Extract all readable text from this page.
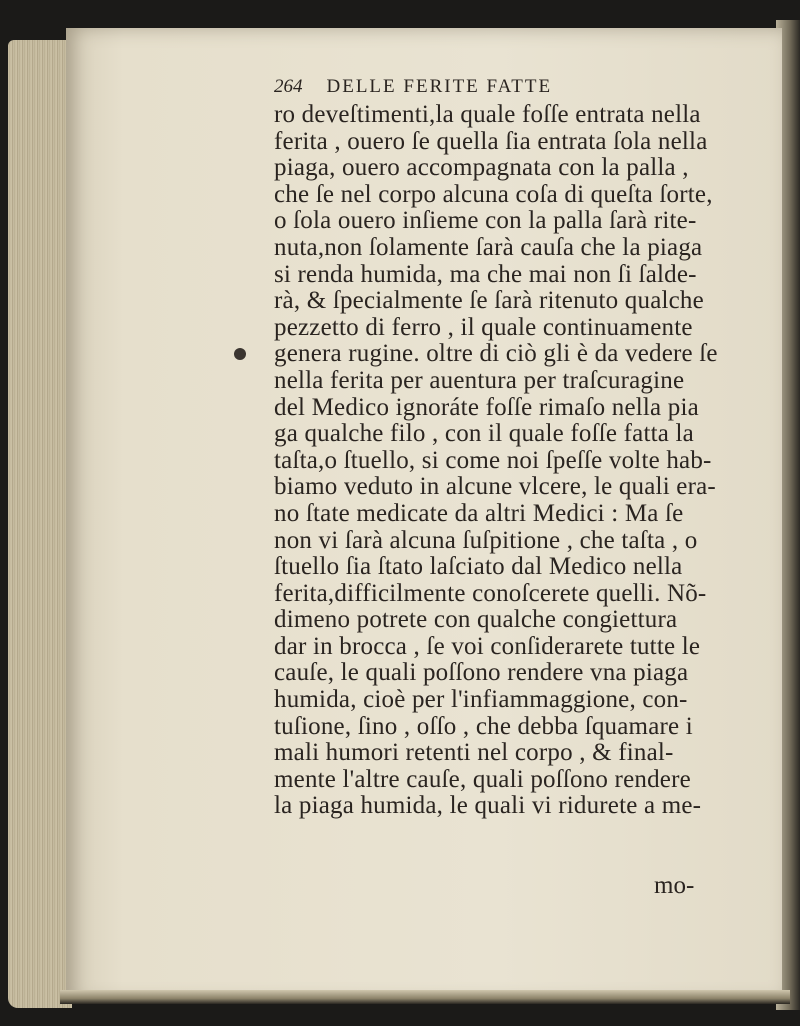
264 DELLE FERITE FATTE
ro deveſtimenti,la quale foſſe entrata nella
ferita , ouero ſe quella ſia entrata ſola nella
piaga, ouero accompagnata con la palla ,
che ſe nel corpo alcuna coſa di queſta ſorte,
o ſola ouero inſieme con la palla ſarà rite-
nuta,non ſolamente ſarà cauſa che la piaga
si renda humida, ma che mai non ſi ſalde-
rà, & ſpecialmente ſe ſarà ritenuto qualche
pezzetto di ferro , il quale continuamente
genera rugine. oltre di ciò gli è da vedere ſe
nella ferita per auentura per traſcuragine
del Medico ignoráte foſſe rimaſo nella pia
ga qualche filo , con il quale foſſe fatta la
taſta,o ſtuello, si come noi ſpeſſe volte hab-
biamo veduto in alcune vlcere, le quali era-
no ſtate medicate da altri Medici : Ma ſe
non vi ſarà alcuna ſuſpitione , che taſta , o
ſtuello ſia ſtato laſciato dal Medico nella
ferita,difficilmente conoſcerete quelli. Nõ-
dimeno potrete con qualche congiettura
dar in brocca , ſe voi conſiderarete tutte le
cauſe, le quali poſſono rendere vna piaga
humida, cioè per l'infiammaggione, con-
tuſione, ſino , oſſo , che debba ſquamare i
mali humori retenti nel corpo , & final-
mente l'altre cauſe, quali poſſono rendere
la piaga humida, le quali vi ridurete a me-
mo-
